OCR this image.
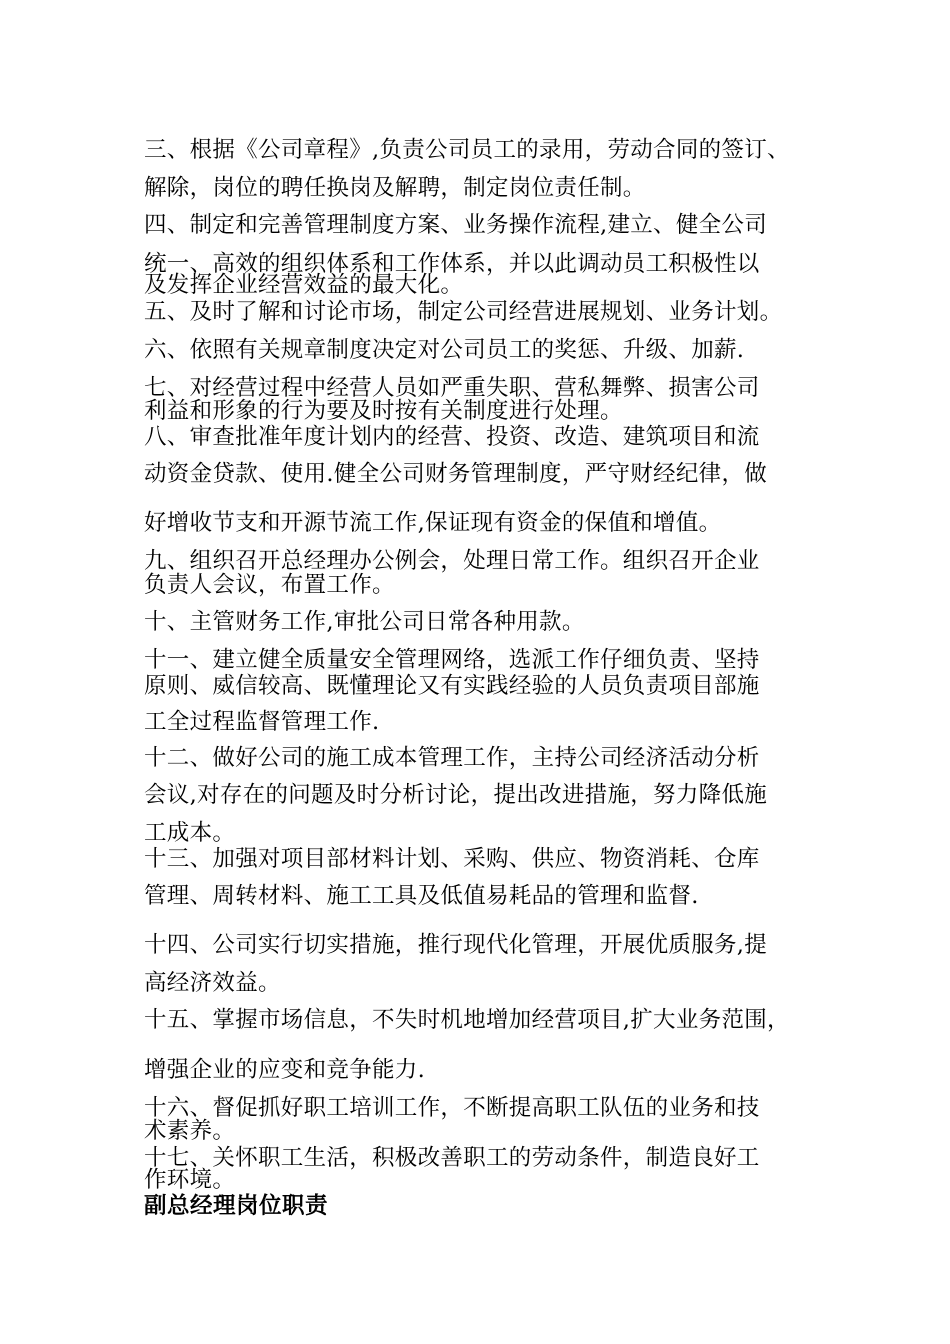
三、根据《公司章程》,负责公司员工的录用，劳动合同的签订、
解除，岗位的聘任换岗及解聘，制定岗位责任制。
四、制定和完善管理制度方案、业务操作流程,建立、健全公司
统一、高效的组织体系和工作体系，并以此调动员工积极性以
及发挥企业经营效益的最大化。
五、及时了解和讨论市场，制定公司经营进展规划、业务计划。
六、依照有关规章制度决定对公司员工的奖惩、升级、加薪.
七、对经营过程中经营人员如严重失职、营私舞弊、损害公司
利益和形象的行为要及时按有关制度进行处理。
八、审查批准年度计划内的经营、投资、改造、建筑项目和流
动资金贷款、使用.健全公司财务管理制度，严守财经纪律，做
好增收节支和开源节流工作,保证现有资金的保值和增值。
九、组织召开总经理办公例会，处理日常工作。组织召开企业
负责人会议，布置工作。
十、主管财务工作,审批公司日常各种用款。
十一、建立健全质量安全管理网络，选派工作仔细负责、坚持
原则、威信较高、既懂理论又有实践经验的人员负责项目部施
工全过程监督管理工作.
十二、做好公司的施工成本管理工作，主持公司经济活动分析
会议,对存在的问题及时分析讨论，提出改进措施，努力降低施
工成本。
十三、加强对项目部材料计划、采购、供应、物资消耗、仓库
管理、周转材料、施工工具及低值易耗品的管理和监督.
十四、公司实行切实措施，推行现代化管理，开展优质服务,提
高经济效益。
十五、掌握市场信息，不失时机地增加经营项目,扩大业务范围，
增强企业的应变和竞争能力.
十六、督促抓好职工培训工作，不断提高职工队伍的业务和技
术素养。
十七、关怀职工生活，积极改善职工的劳动条件，制造良好工
作环境。
副总经理岗位职责
